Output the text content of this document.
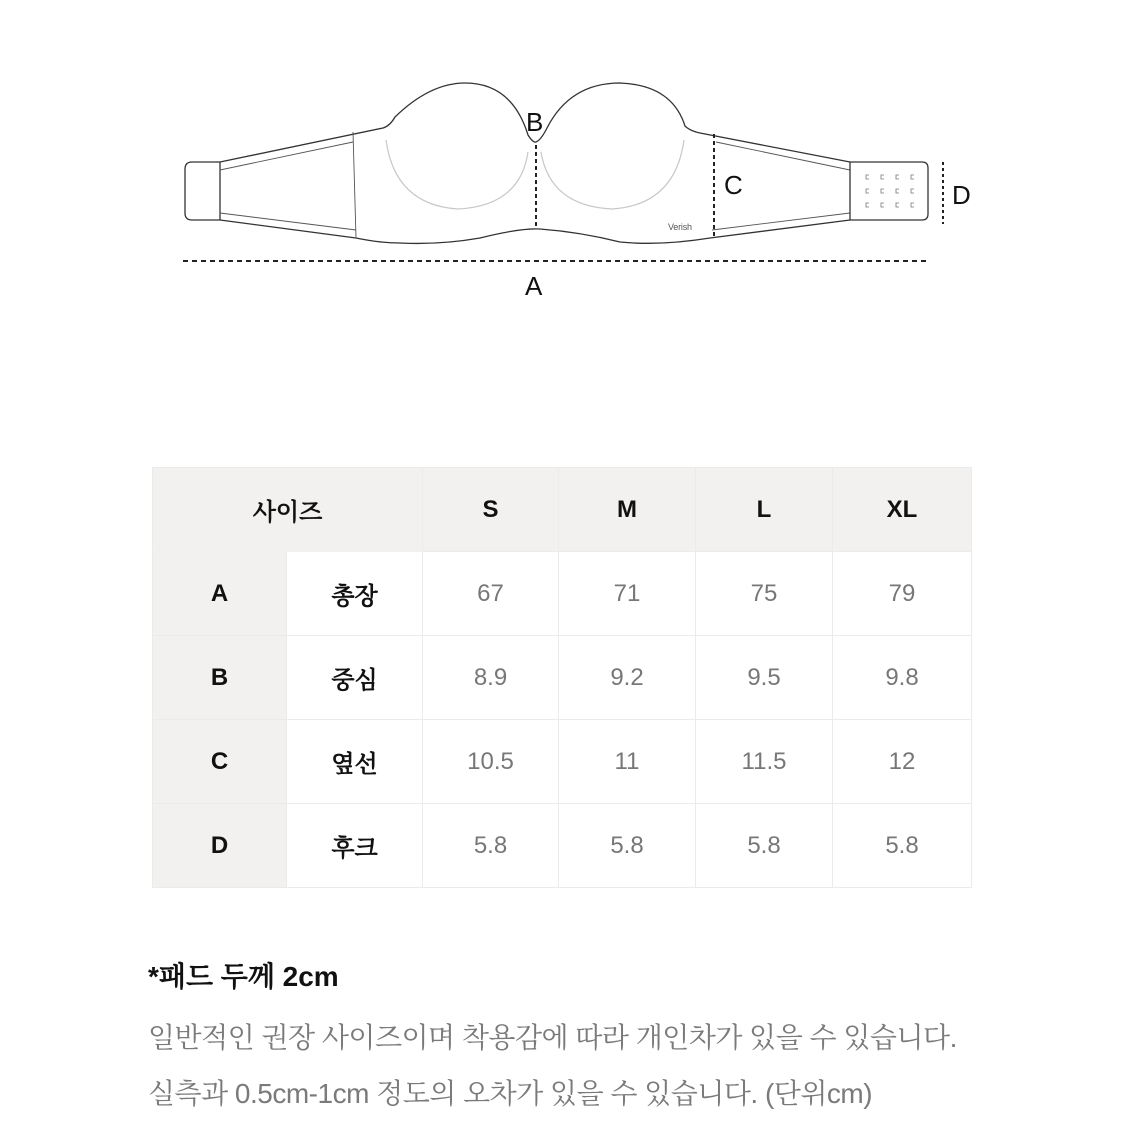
B
C	D
A
Verish
사이즈		S	M	L	XL
A	총장	67	71	75	79
B	중심	8.9	9.2	9.5	9.8
C	옆선	10.5	11	11.5	12
D	후크	5.8	5.8	5.8	5.8
*패드 두께 2cm
일반적인 권장 사이즈이며 착용감에 따라 개인차가 있을 수 있습니다.
실측과 0.5cm-1cm 정도의 오차가 있을 수 있습니다. (단위cm)
